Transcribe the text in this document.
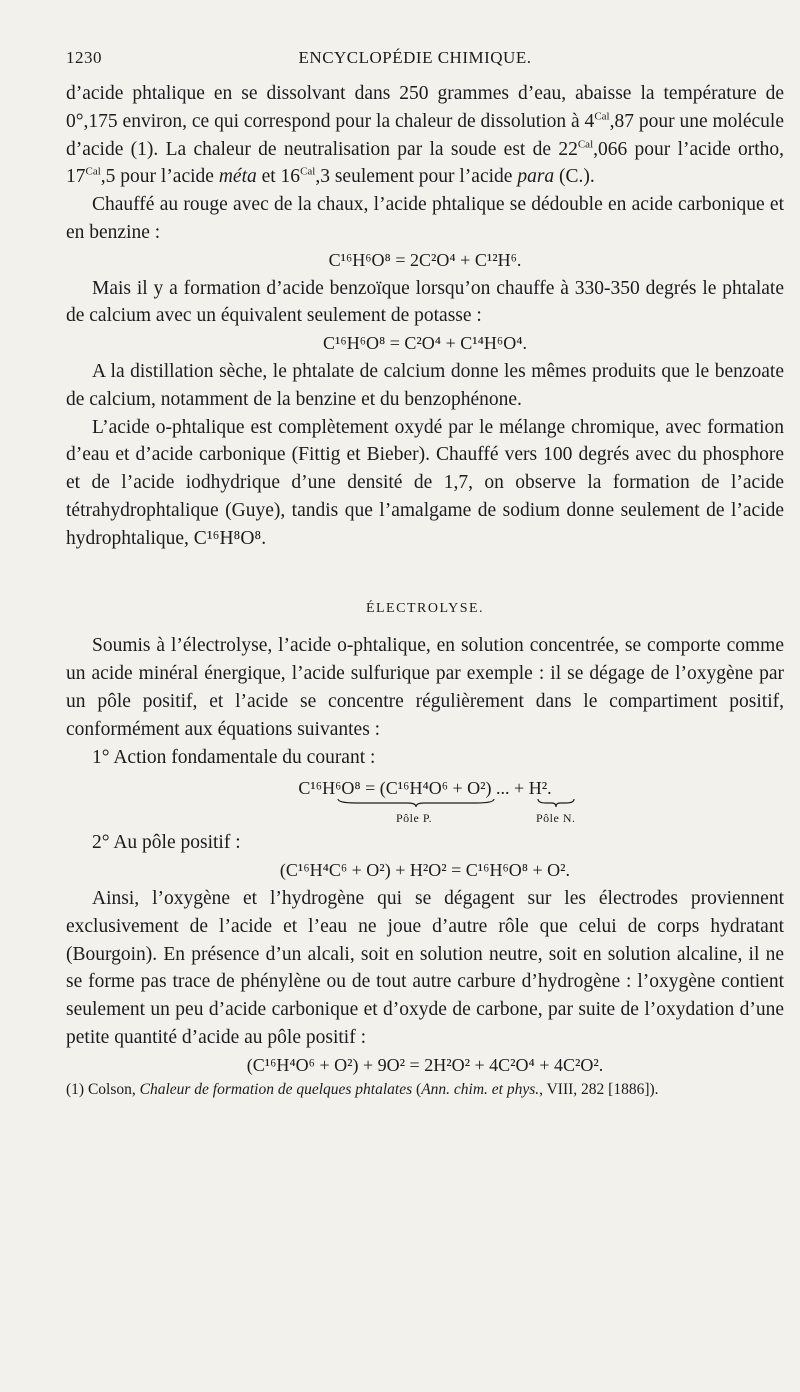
1230	ENCYCLOPÉDIE CHIMIQUE.

d’acide phtalique en se dissolvant dans 250 grammes d’eau, abaisse la température de 0°,175 environ, ce qui correspond pour la chaleur de dissolution à $4^{Cal},87$ pour une molécule d’acide (1). La chaleur de neutralisation par la soude est de $22^{Cal},066$ pour l’acide ortho, $17^{Cal},5$ pour l’acide méta et $16^{Cal},3$ seulement pour l’acide para (C.).

Chauffé au rouge avec de la chaux, l’acide phtalique se dédouble en acide carbonique et en benzine :

C¹⁶H⁶O⁸ = 2C²O⁴ + C¹²H⁶.

Mais il y a formation d’acide benzoïque lorsqu’on chauffe à 330-350 degrés le phtalate de calcium avec un équivalent seulement de potasse :

C¹⁶H⁶O⁸ = C²O⁴ + C¹⁴H⁶O⁴.

A la distillation sèche, le phtalate de calcium donne les mêmes produits que le benzoate de calcium, notamment de la benzine et du benzophénone.

L’acide o-phtalique est complètement oxydé par le mélange chromique, avec formation d’eau et d’acide carbonique (Fittig et Bieber). Chauffé vers 100 degrés avec du phosphore et de l’acide iodhydrique d’une densité de 1,7, on observe la formation de l’acide tétrahydrophtalique (Guye), tandis que l’amalgame de sodium donne seulement de l’acide hydrophtalique, C¹⁶H⁸O⁸.

ÉLECTROLYSE.

Soumis à l’électrolyse, l’acide o-phtalique, en solution concentrée, se comporte comme un acide minéral énergique, l’acide sulfurique par exemple : il se dégage de l’oxygène par un pôle positif, et l’acide se concentre régulièrement dans le compartiment positif, conformément aux équations suivantes :

1° Action fondamentale du courant :

C¹⁶H⁶O⁸ = (C¹⁶H⁴O⁶ + O²) ... + H².
Pôle P.	Pôle N.

2° Au pôle positif :

(C¹⁶H⁴C⁶ + O²) + H²O² = C¹⁶H⁶O⁸ + O².

Ainsi, l’oxygène et l’hydrogène qui se dégagent sur les électrodes proviennent exclusivement de l’acide et l’eau ne joue d’autre rôle que celui de corps hydratant (Bourgoin). En présence d’un alcali, soit en solution neutre, soit en solution alcaline, il ne se forme pas trace de phénylène ou de tout autre carbure d’hydrogène : l’oxygène contient seulement un peu d’acide carbonique et d’oxyde de carbone, par suite de l’oxydation d’une petite quantité d’acide au pôle positif :

(C¹⁶H⁴O⁶ + O²) + 9O² = 2H²O² + 4C²O⁴ + 4C²O².

(1) Colson, Chaleur de formation de quelques phtalates (Ann. chim. et phys., VIII, 282 [1886]).
